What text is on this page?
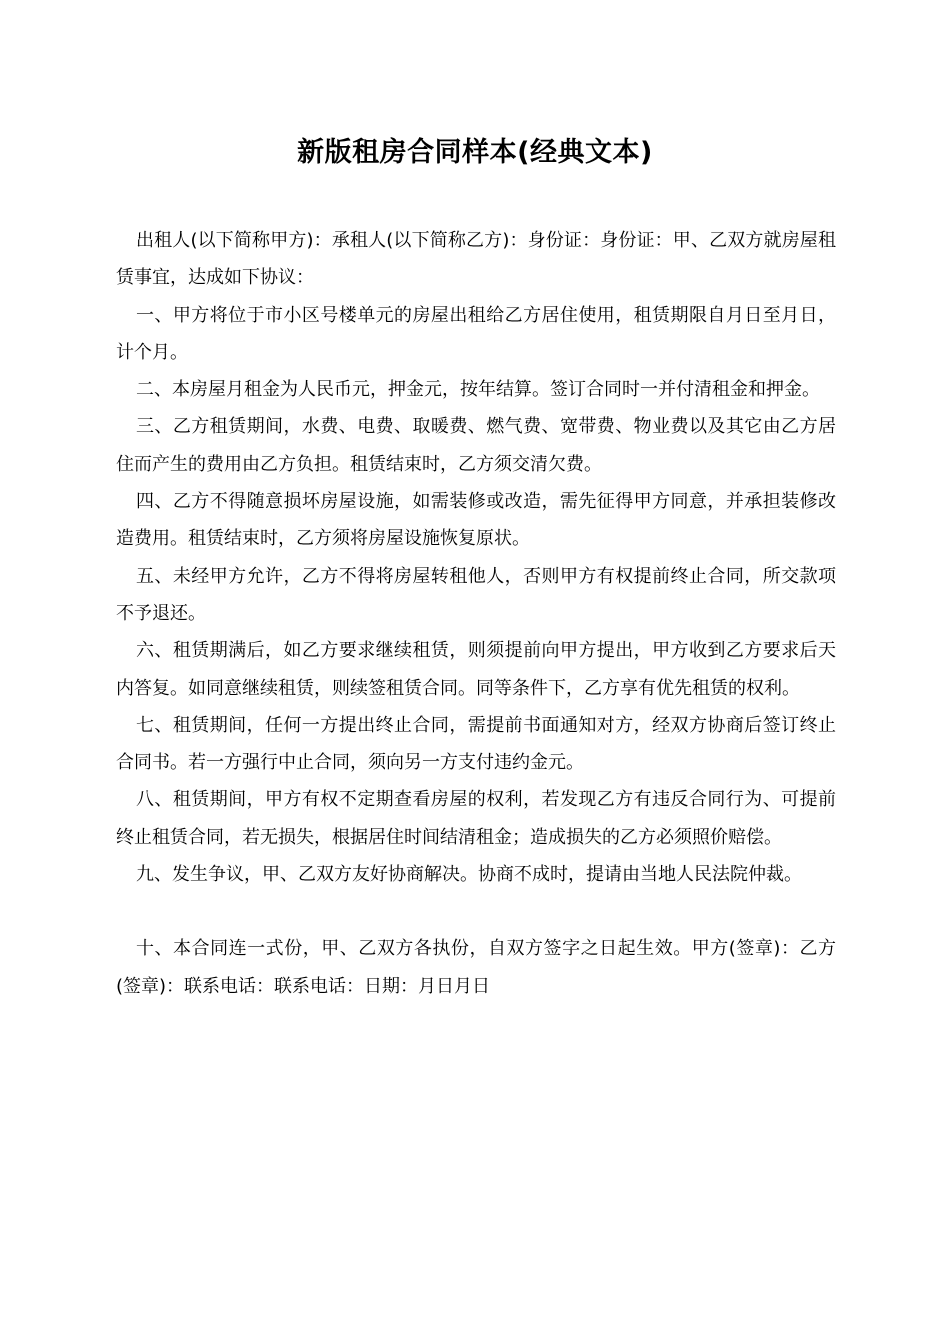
新版租房合同样本(经典文本)

出租人(以下简称甲方)：承租人(以下简称乙方)：身份证：身份证：甲、乙双方就房屋租赁事宜，达成如下协议：

一、甲方将位于市小区号楼单元的房屋出租给乙方居住使用，租赁期限自月日至月日，计个月。

二、本房屋月租金为人民币元，押金元，按年结算。签订合同时一并付清租金和押金。

三、乙方租赁期间，水费、电费、取暖费、燃气费、宽带费、物业费以及其它由乙方居住而产生的费用由乙方负担。租赁结束时，乙方须交清欠费。

四、乙方不得随意损坏房屋设施，如需装修或改造，需先征得甲方同意，并承担装修改造费用。租赁结束时，乙方须将房屋设施恢复原状。

五、未经甲方允许，乙方不得将房屋转租他人，否则甲方有权提前终止合同，所交款项不予退还。

六、租赁期满后，如乙方要求继续租赁，则须提前向甲方提出，甲方收到乙方要求后天内答复。如同意继续租赁，则续签租赁合同。同等条件下，乙方享有优先租赁的权利。

七、租赁期间，任何一方提出终止合同，需提前书面通知对方，经双方协商后签订终止合同书。若一方强行中止合同，须向另一方支付违约金元。

八、租赁期间，甲方有权不定期查看房屋的权利，若发现乙方有违反合同行为、可提前终止租赁合同，若无损失，根据居住时间结清租金；造成损失的乙方必须照价赔偿。

九、发生争议，甲、乙双方友好协商解决。协商不成时，提请由当地人民法院仲裁。

十、本合同连一式份，甲、乙双方各执份，自双方签字之日起生效。甲方(签章)：乙方(签章)：联系电话：联系电话：日期：月日月日
